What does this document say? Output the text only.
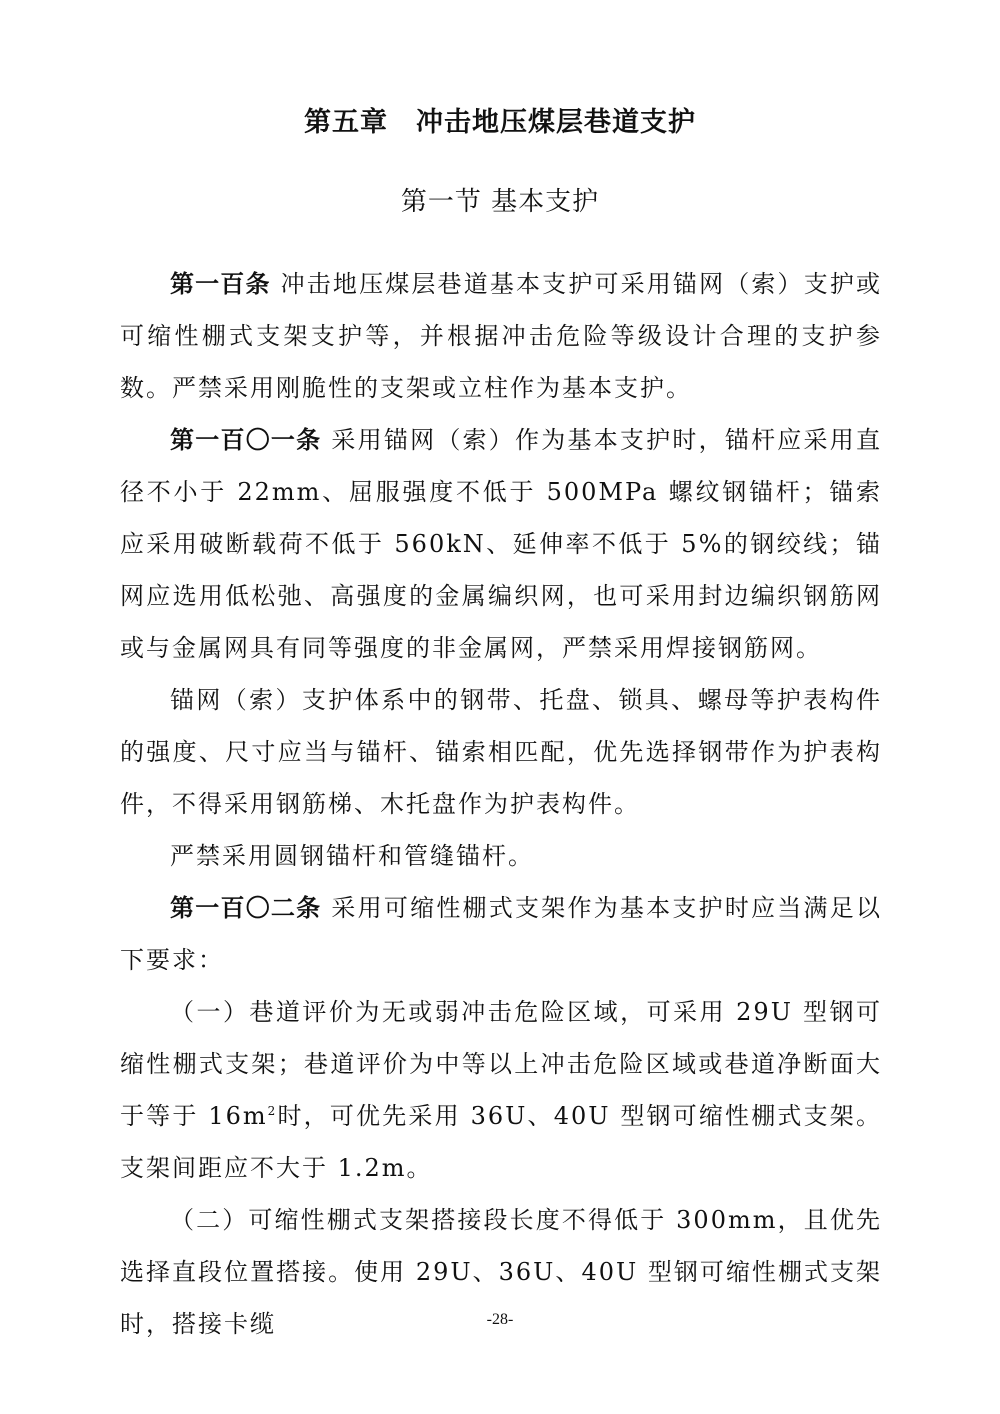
第五章　冲击地压煤层巷道支护
第一节 基本支护

第一百条 冲击地压煤层巷道基本支护可采用锚网（索）支护或可缩性棚式支架支护等，并根据冲击危险等级设计合理的支护参数。严禁采用刚脆性的支架或立柱作为基本支护。

第一百〇一条 采用锚网（索）作为基本支护时，锚杆应采用直径不小于 22mm、屈服强度不低于 500MPa 螺纹钢锚杆；锚索应采用破断载荷不低于 560kN、延伸率不低于 5%的钢绞线；锚网应选用低松弛、高强度的金属编织网，也可采用封边编织钢筋网或与金属网具有同等强度的非金属网，严禁采用焊接钢筋网。

锚网（索）支护体系中的钢带、托盘、锁具、螺母等护表构件的强度、尺寸应当与锚杆、锚索相匹配，优先选择钢带作为护表构件，不得采用钢筋梯、木托盘作为护表构件。

严禁采用圆钢锚杆和管缝锚杆。

第一百〇二条 采用可缩性棚式支架作为基本支护时应当满足以下要求：

（一）巷道评价为无或弱冲击危险区域，可采用 29U 型钢可缩性棚式支架；巷道评价为中等以上冲击危险区域或巷道净断面大于等于 $16m^2$时，可优先采用 36U、40U 型钢可缩性棚式支架。支架间距应不大于 1.2m。

（二）可缩性棚式支架搭接段长度不得低于 300mm，且优先选择直段位置搭接。使用 29U、36U、40U 型钢可缩性棚式支架时，搭接卡缆	-28-
